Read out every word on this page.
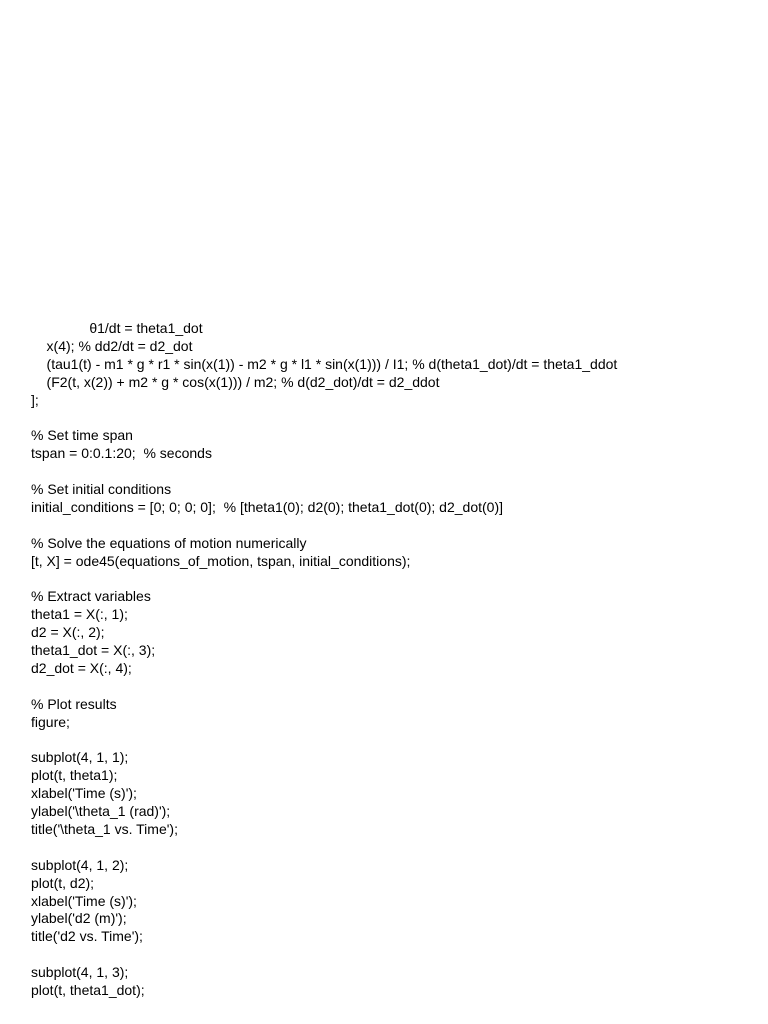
θ1/dt = theta1_dot
x(4); % dd2/dt = d2_dot
(tau1(t) - m1 * g * r1 * sin(x(1)) - m2 * g * l1 * sin(x(1))) / I1; % d(theta1_dot)/dt = theta1_ddot
(F2(t, x(2)) + m2 * g * cos(x(1))) / m2; % d(d2_dot)/dt = d2_ddot
];
% Set time span
tspan = 0:0.1:20;  % seconds
% Set initial conditions
initial_conditions = [0; 0; 0; 0];  % [theta1(0); d2(0); theta1_dot(0); d2_dot(0)]
% Solve the equations of motion numerically
[t, X] = ode45(equations_of_motion, tspan, initial_conditions);
% Extract variables
theta1 = X(:, 1);
d2 = X(:, 2);
theta1_dot = X(:, 3);
d2_dot = X(:, 4);
% Plot results
figure;
subplot(4, 1, 1);
plot(t, theta1);
xlabel('Time (s)');
ylabel('\theta_1 (rad)');
title('\theta_1 vs. Time');
subplot(4, 1, 2);
plot(t, d2);
xlabel('Time (s)');
ylabel('d2 (m)');
title('d2 vs. Time');
subplot(4, 1, 3);
plot(t, theta1_dot);
